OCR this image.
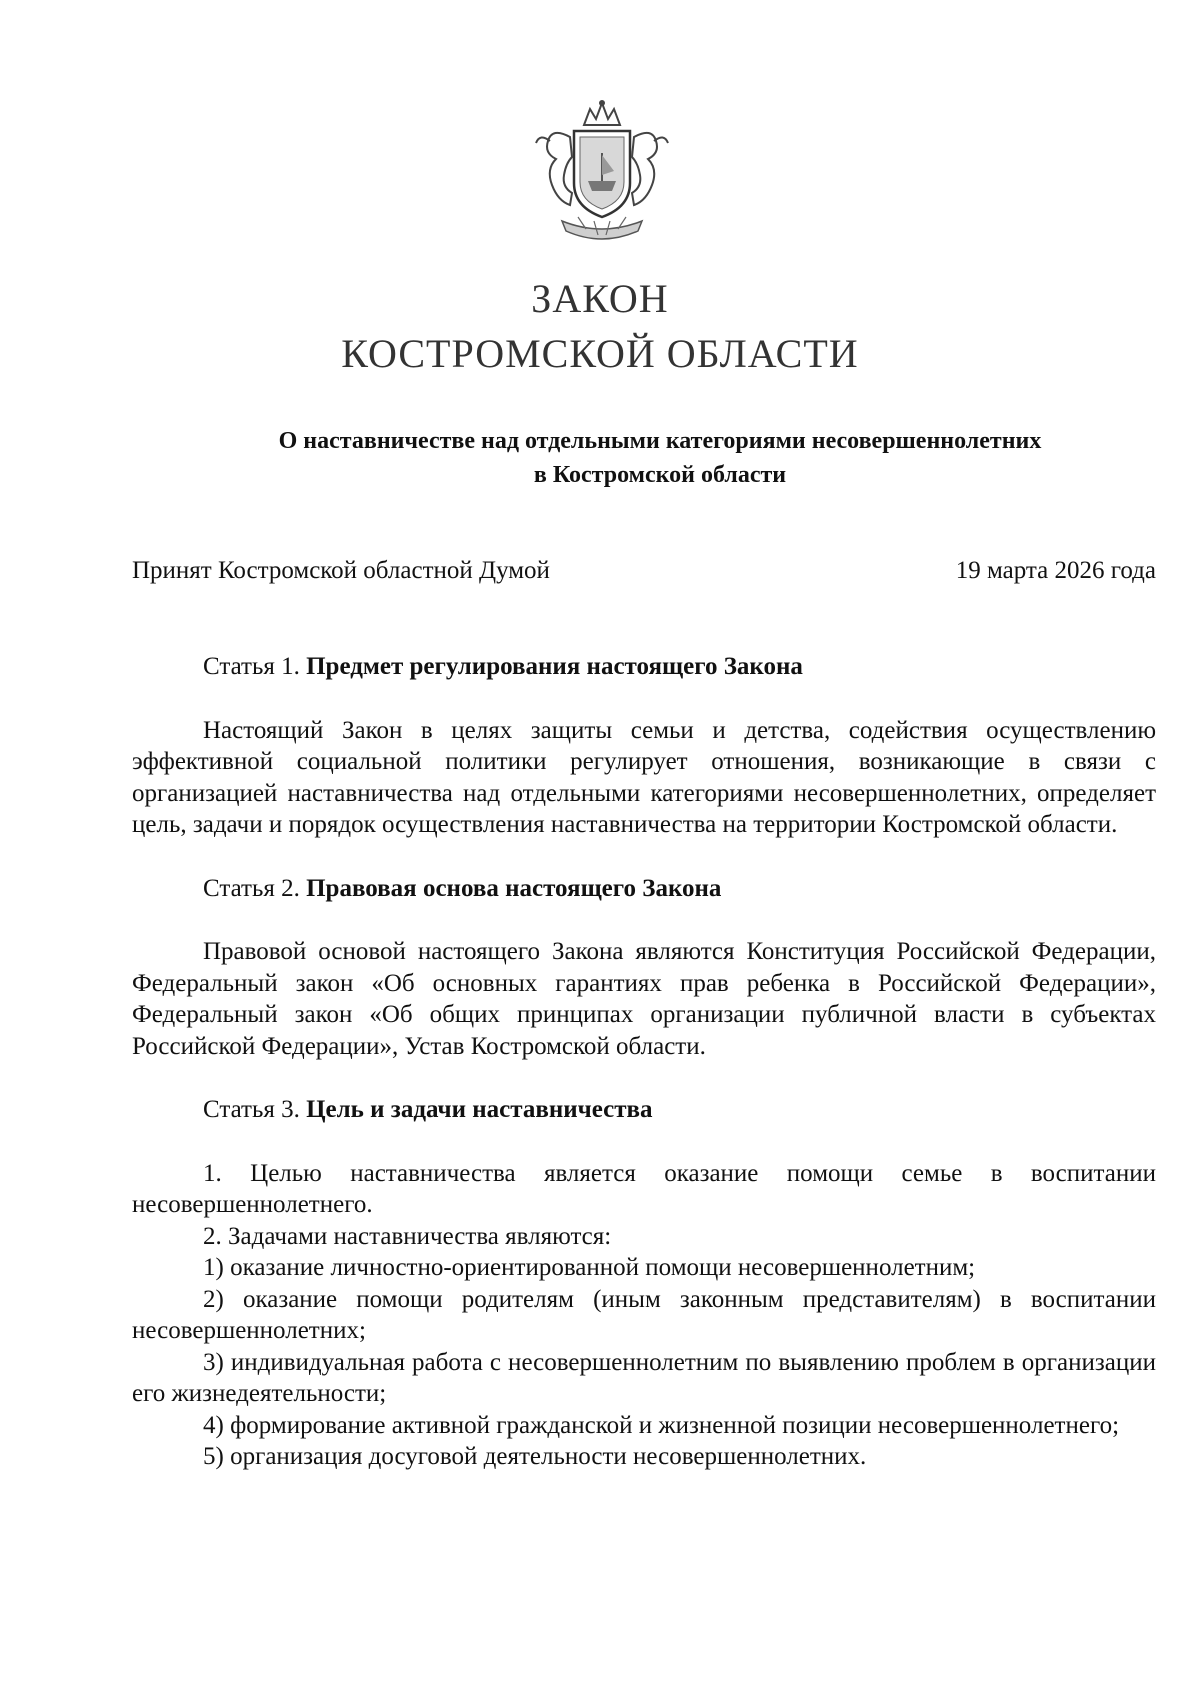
ЗАКОН
КОСТРОМСКОЙ ОБЛАСТИ
О наставничестве над отдельными категориями несовершеннолетних
в Костромской области
Принят Костромской областной Думой	19 марта 2026 года
Статья 1. Предмет регулирования настоящего Закона

Настоящий Закон в целях защиты семьи и детства, содействия осуществлению эффективной социальной политики регулирует отношения, возникающие в связи с организацией наставничества над отдельными категориями несовершеннолетних, определяет цель, задачи и порядок осуществления наставничества на территории Костромской области.

Статья 2. Правовая основа настоящего Закона

Правовой основой настоящего Закона являются Конституция Российской Федерации, Федеральный закон «Об основных гарантиях прав ребенка в Российской Федерации», Федеральный закон «Об общих принципах организации публичной власти в субъектах Российской Федерации», Устав Костромской области.

Статья 3. Цель и задачи наставничества

1. Целью наставничества является оказание помощи семье в воспитании несовершеннолетнего.

2. Задачами наставничества являются:

1) оказание личностно-ориентированной помощи несовершеннолетним;

2) оказание помощи родителям (иным законным представителям) в воспитании несовершеннолетних;

3) индивидуальная работа с несовершеннолетним по выявлению проблем в организации его жизнедеятельности;

4) формирование активной гражданской и жизненной позиции несовершеннолетнего;

5) организация досуговой деятельности несовершеннолетних.
